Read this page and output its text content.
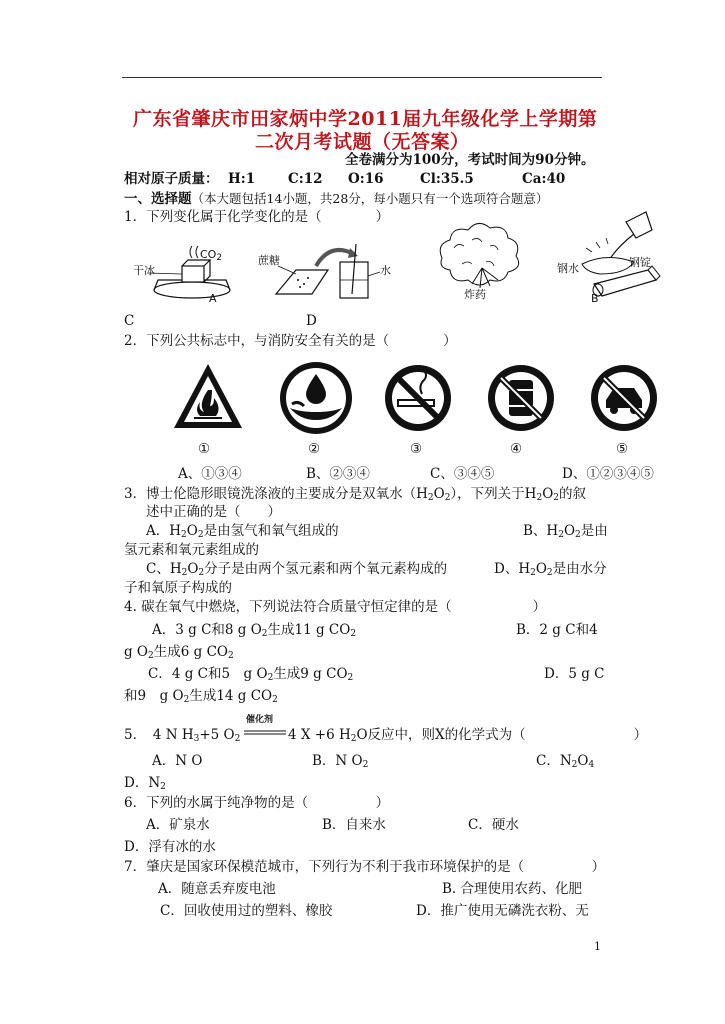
广东省肇庆市田家炳中学2011届九年级化学上学期第
二次月考试题（无答案）
全卷满分为100分，考试时间为90分钟。
相对原子质量： H:1 C:12 O:16	Cl:35.5	Ca:40
一、选择题（本大题包括14小题，共28分，每小题只有一个选项符合题意）
1．下列变化属于化学变化的是（　　　　）
干冰
$CO_2$
A
蔗糖
水
炸药
钢水	钢锭
B
C	D
2．下列公共标志中，与消防安全有关的是（　　　　）
①	②	③	④	⑤
A、①③④	B、②③④	C、③④⑤	D、①②③④⑤
3．博士伦隐形眼镜洗涤液的主要成分是双氧水$(H_2O_2)$，下列关于$H_2O_2$的叙
述中正确的是（　　）
A．$H_2O_2$是由氢气和氧气组成的	B、$H_2O_2$是由
氢元素和氧元素组成的
C、$H_2O_2$分子是由两个氢元素和两个氧元素构成的	D、$H_2O_2$是由水分
子和氧原子构成的
4. 碳在氧气中燃烧，下列说法符合质量守恒定律的是（　　　　　　）
A．3 g C和8 g $O_2$生成11 g $CO_2$	B．2 g C和4
g $O_2$生成6 g $CO_2$
C．4 g C和5　g $O_2$生成9 g $CO_2$	D．5 g C
和9　g $O_2$生成14 g $CO_2$
催化剂
5．　4 N $H_3+5$ $O_2$	4 X +6 $H_2O$反应中，则X的化学式为（　　　　　　　　）
A．N O	B．N $O_2$	C．$N_2O_4$
D．$N_2$
6．下列的水属于纯净物的是（　　　　　）
A．矿泉水	B．自来水	C．硬水
D．浮有冰的水
7．肇庆是国家环保模范城市，下列行为不利于我市环境保护的是（　　　　　）
A．随意丢弃废电池	B. 合理使用农药、化肥
C．回收使用过的塑料、橡胶	D．推广使用无磷洗衣粉、无
1
